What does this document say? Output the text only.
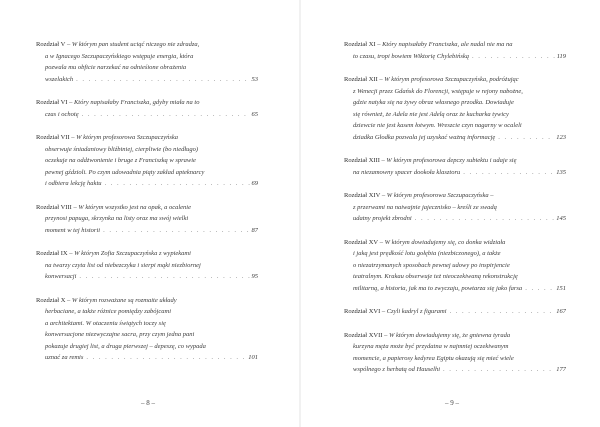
Rozdział V – W którym pan student uciąć niczego nie zdradza,
a w Ignacego Szczupaczyńskiego wstępuje energia, która
pozwala mu obficie narzekać na odnieśione obrażenia
wszelakich . . .	53
Rozdział VI – Który napisałaby Franciszka, gdyby miała na to
czas i ochotę . . .	65
Rozdział VII – W którym profesorowa Szczupaczyńska
obserwuje śniadaniowy bliźbiniej, cierpliwie (bo niedługo)
oczekuje na oddżwonienie i bruge z Franciszką w sprawie
pewnej gździoli. Po czym udowadnia piąty zakład apteknarcy
i odbiera lekcję haktu . . .	69
Rozdział VIII – W którym wszystko jest na opak, a ocalenie
przynosi papuga, skrzynka na listy oraz ma swój wielki
moment w tej historii . . .	87
Rozdział IX – W którym Zofia Szczupaczyńska z wypiekami
na twarzy czyta list od niebezczyka i sierpi mąki niezbiornej
konwersacji . . .	95
Rozdział X – W którym rozważane są rozmaite układy
herbaciane, a także różnice pomiędzy zabójcami
a architektami. W otaczeniu świątych toczy się
konwersacjone niezwyczajne sacra, przy czym jedna pani
pokazuje drugiej list, a druga pierwszej – depeszę, co wypada
uznać za remis . . .	101
– 8 –
Rozdział XI – Który napisałaby Franciszka, ale nadal nie ma na
to czasu, tropi bowiem Wiktorię Chylebińską . . .	119
Rozdział XII – W którym profesorowa Szczupaczyńska, podróżując
z Wenecji przez Gdańsk do Florencji, wstępuje w rejony nabożne,
gdzie natyka się na żywy obraz własnego przodka. Dowiaduje
się również, że Adela nie jest Adelą oraz że kucharka tywicy
dziewcie nie jest kasem łotwym. Wreszcie czyn nagarny w ocaleli
dziadka Głodka pozwala jej uzyskać ważną informację . . .	123
Rozdział XIII – W którym profesorowa depczy subiektu i udaje się
na niezamowny spacer dookoła klasztoru . . .	135
Rozdział XIV – W którym profesorowa Szczupaczyńska –
z przerwami na naiwajnie jajecznisko – kreśli ze swadą
udatny projekt zbrodni . . .	145
Rozdział XV – W którym dowiadujemy się, co donka widziała
i jaką jest prędkość lotu gołębia (niezbiczonego), a także
o niezatrzymanych sposobach pewnej udowy po inspirjencie
teatralnym. Krakau obserwuje też nieoczekiwaną rekonstrukcję
militarną, a historia, jak ma to zwyczaju, powtarza się jako farsa . . .	151
Rozdział XVI – Czyli kadryl z figurami . . .	167
Rozdział XVII – W którym dowiadujemy się, że gniewna tyrada
kurzyna męża może być przydatna w najmniej oczekiwanym
momencie, a papierosy kedyrea Egiptu okazują się mieć wiele
wspólnego z herbatą od Hauselhi . . .	177
– 9 –
